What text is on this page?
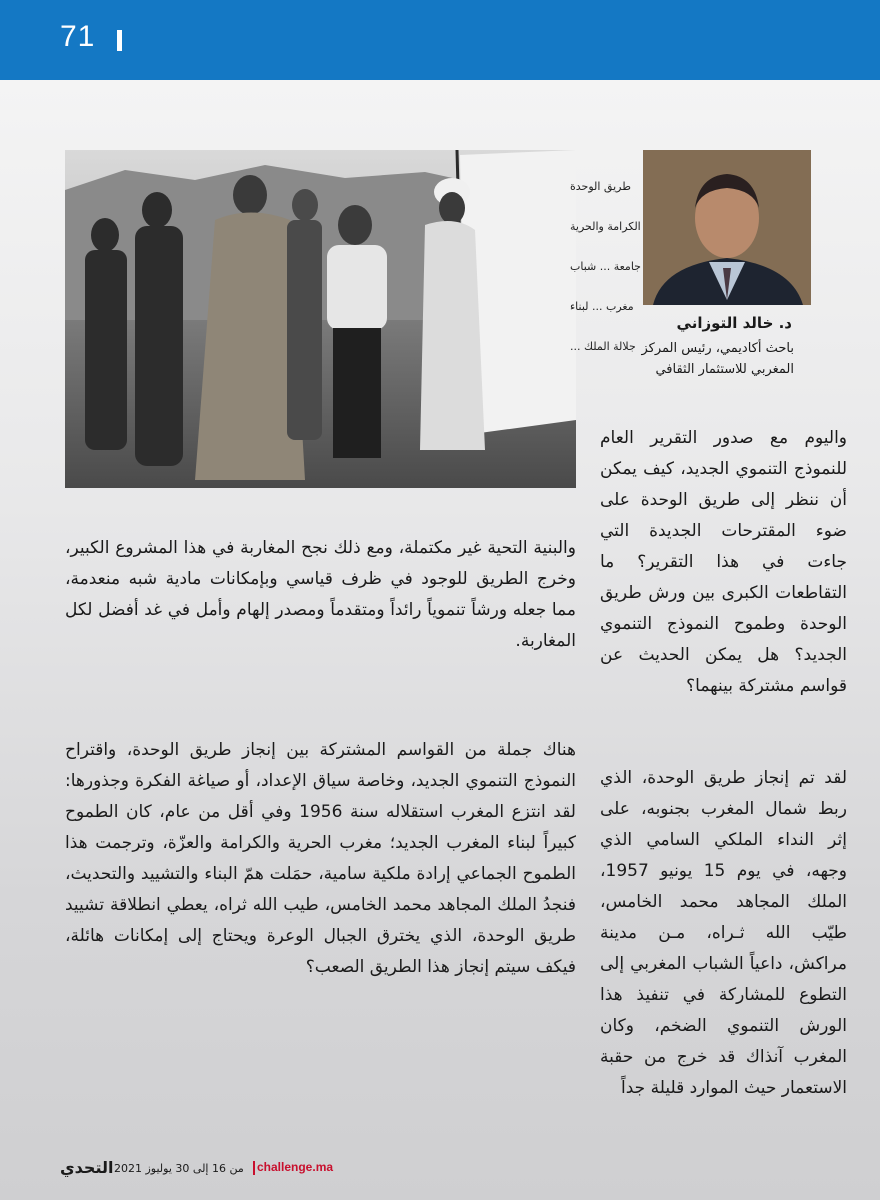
71
طريق الوحدة
الكرامة والحرية
جامعة ... شباب
مغرب ... لبناء
جلالة الملك ...
د. خالد التوزاني
باحث أكاديمي، رئيس المركز
المغربي للاستثمار الثقافي

واليوم مع صدور التقرير العام للنموذج التنموي الجديد، كيف يمكن أن ننظر إلى طريق الوحدة على ضوء المقترحات الجديدة التي جاءت في هذا التقرير؟ ما التقاطعات الكبرى بين ورش طريق الوحدة وطموح النموذج التنموي الجديد؟ هل يمكن الحديث عن قواسم مشتركة بينهما؟

لقد تم إنجاز طريق الوحدة، الذي ربط شمال المغرب بجنوبه، على إثر النداء الملكي السامي الذي وجهه، في يوم 15 يونيو 1957، الملك المجاهد محمد الخامس، طيّب الله ثـراه، مـن مدينة مراكش، داعياً الشباب المغربي إلى التطوع للمشاركة في تنفيذ هذا الورش التنموي الضخم، وكان المغرب آنذاك قد خرج من حقبة الاستعمار حيث الموارد قليلة جداً

والبنية التحية غير مكتملة، ومع ذلك نجح المغاربة في هذا المشروع الكبير، وخرج الطريق للوجود في ظرف قياسي وبإمكانات مادية شبه منعدمة، مما جعله ورشاً تنموياً رائداً ومتقدماً ومصدر إلهام وأمل في غد أفضل لكل المغاربة.

هناك جملة من القواسم المشتركة بين إنجاز طريق الوحدة، واقتراح النموذج التنموي الجديد، وخاصة سياق الإعداد، أو صياغة الفكرة وجذورها: لقد انتزع المغرب استقلاله سنة 1956 وفي أقل من عام، كان الطموح كبيراً لبناء المغرب الجديد؛ مغرب الحرية والكرامة والعزّة، وترجمت هذا الطموح الجماعي إرادة ملكية سامية، حمَلت همّ البناء والتشييد والتحديث، فنجدُ الملك المجاهد محمد الخامس، طيب الله ثراه، يعطي انطلاقة تشييد طريق الوحدة، الذي يخترق الجبال الوعرة ويحتاج إلى إمكانات هائلة، فيكف سيتم إنجاز هذا الطريق الصعب؟

التحدي من 16 إلى 30 يوليوز 2021 challenge.ma
